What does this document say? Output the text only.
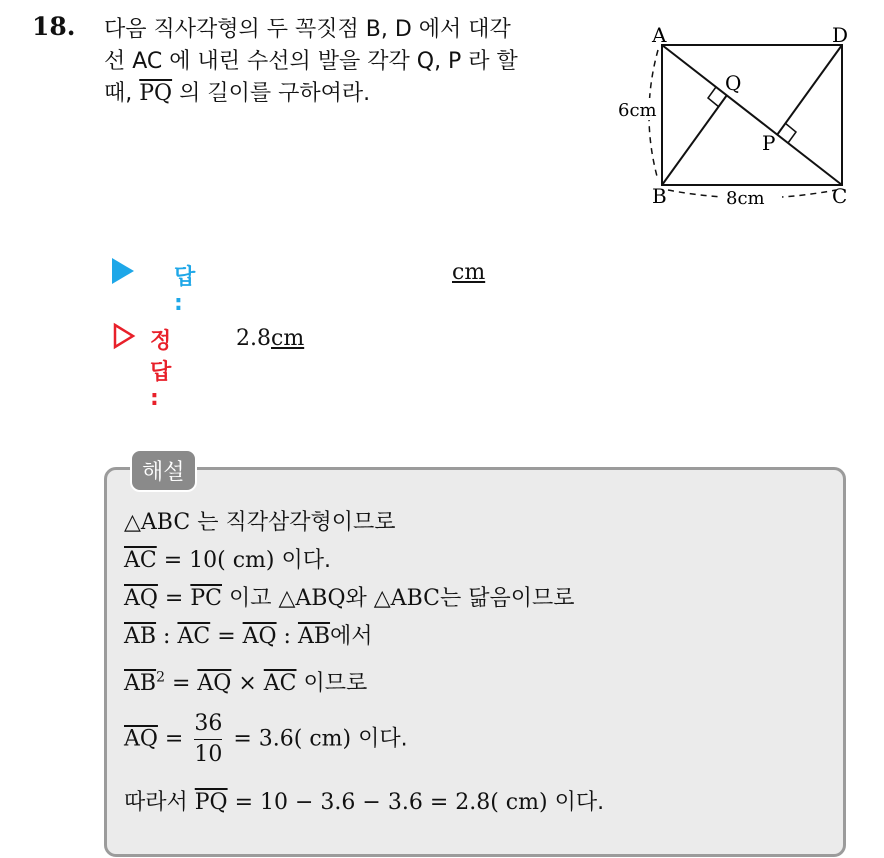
18. 다음 직사각형의 두 꼭짓점 B, D 에서 대각
선 AC 에 내린 수선의 발을 각각 Q, P 라 할
때, $\overline{PQ}$ 의 길이를 구하여라.
A	D
B	C
Q
P
6cm
8cm
답 :
cm
정답 :
2.8cm
해설
△ABC 는 직각삼각형이므로
$\overline{AC} = 10$( cm) 이다.
$\overline{AQ} = \overline{PC}$ 이고 △ABQ와 △ABC는 닮음이므로
$\overline{AB}$ : $\overline{AC} = \overline{AQ}$ : $\overline{AB}$에서
$\overline{AB}^2 = \overline{AQ} \times \overline{AC}$ 이므로
$\overline{AQ} = \frac{36}{10} = 3.6$( cm) 이다.
따라서 $\overline{PQ} = 10 - 3.6 - 3.6 = 2.8$( cm) 이다.
